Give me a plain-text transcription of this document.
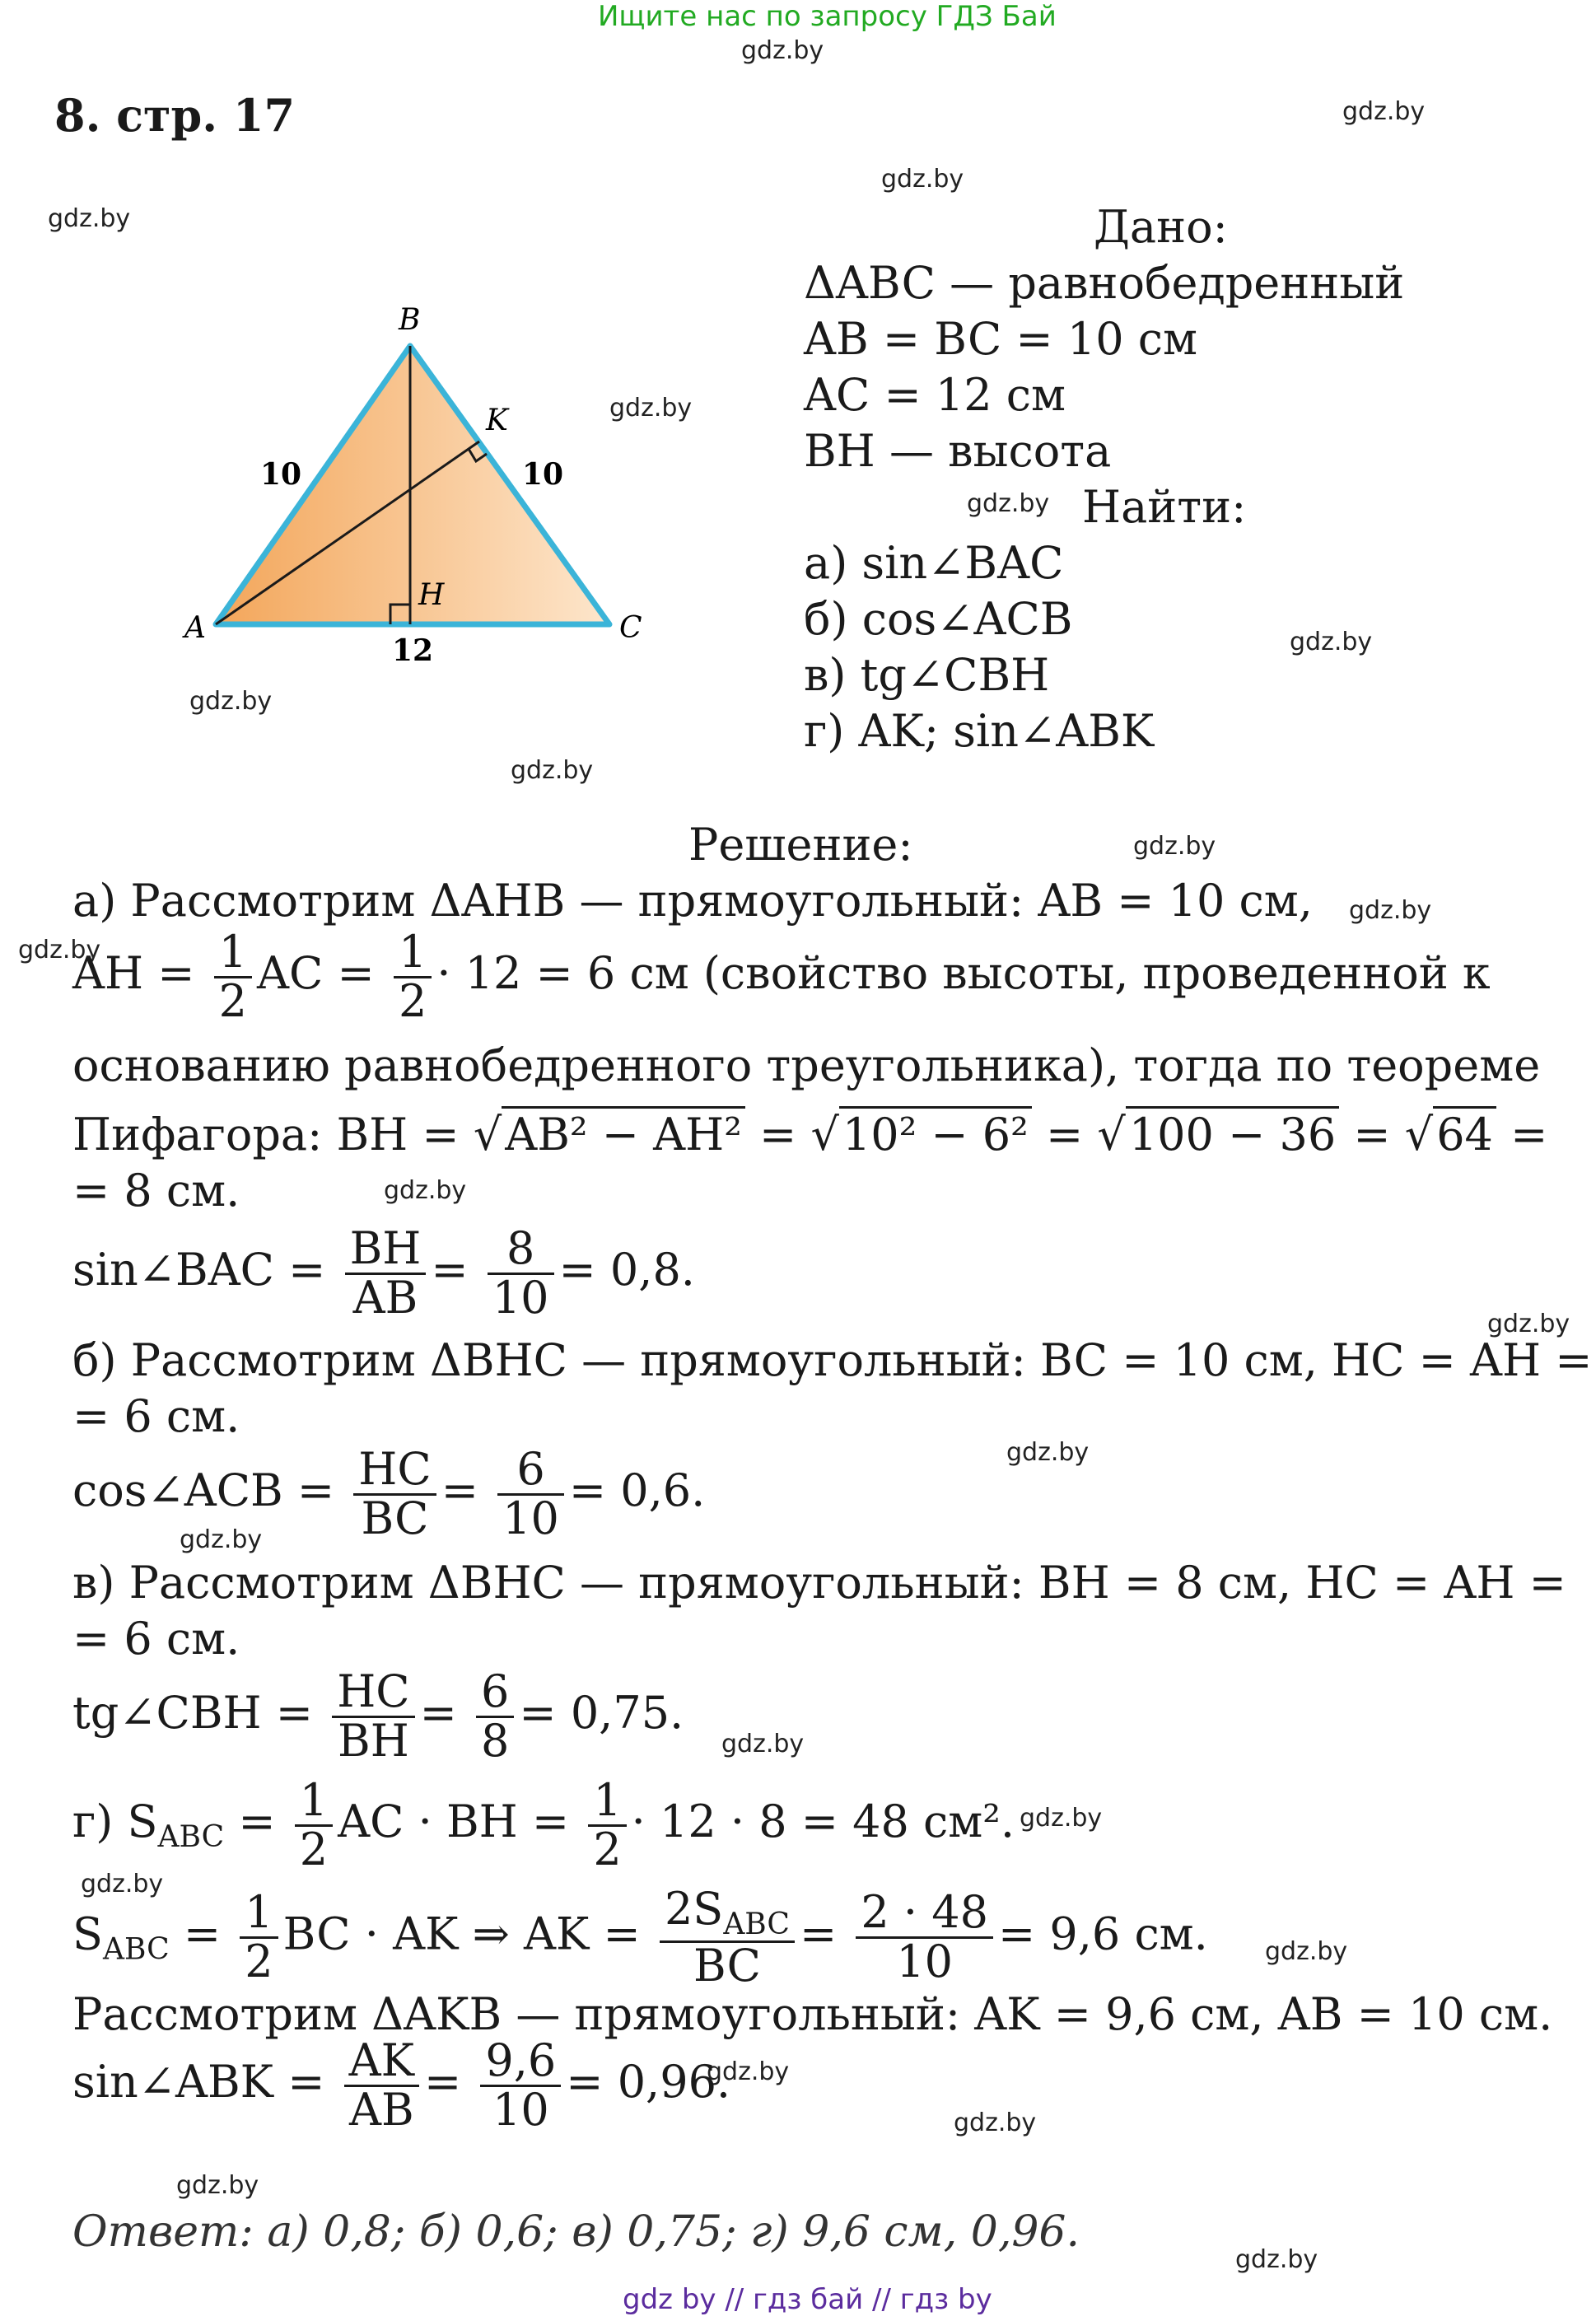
Ищите нас по запросу ГДЗ Бай
gdz.by
8. стр. 17	gdz.by
gdz.by
gdz.by
gdz.by
gdz.by
gdz.by
gdz.by
gdz.by
gdz.by
gdz.by
gdz.by
gdz.by
gdz.by
gdz.by
gdz.by
gdz.by
gdz.by
gdz.by
gdz.by
gdz.by
gdz.by
gdz.by
gdz.by
B
A	C
H
K
10	10
12
Дано:
ΔABC — равнобедренный
AB = BC = 10 см
AC = 12 см
BH — высота
Найти:
а) sin∠BAC
б) cos∠ACB
в) tg∠CBH
г) AK; sin∠ABK
Решение:
а) Рассмотрим ΔAHB — прямоугольный: AB = 10 см,
AH = $\frac{1}{2}$ AC = $\frac{1}{2} \cdot 12 = 6$ см (свойство высоты, проведенной к
основанию равнобедренного треугольника), тогда по теореме
Пифагора: BH = √AB² − AH² = √10² − 6² = √100 − 36 = √64 =
= 8 см.
sin∠BAC = $\frac{BH}{AB} = \frac{8}{10} = 0,8$.
б) Рассмотрим ΔBHC — прямоугольный: BC = 10 см, HC = AH =
= 6 см.
cos∠ACB = $\frac{HC}{BC} = \frac{6}{10} = 0,6$.
в) Рассмотрим ΔBHC — прямоугольный: BH = 8 см, HC = AH =
= 6 см.
tg∠CBH = $\frac{HC}{BH} = \frac{6}{8} = 0,75$.
г) $S_{ABC} = \frac{1}{2}$ AC · BH = $\frac{1}{2} \cdot 12 \cdot 8 = 48$ см².
$S_{ABC} = \frac{1}{2}$ BC · AK ⇒ AK = $\frac{2S_{ABC}}{BC} = \frac{2 \cdot 48}{10} = 9,6$ см.
Рассмотрим ΔAKB — прямоугольный: AK = 9,6 см, AB = 10 см.
sin∠ABK = $\frac{AK}{AB} = \frac{9,6}{10} = 0,96$.
Ответ: а) 0,8; б) 0,6; в) 0,75; г) 9,6 см, 0,96.
gdz by // гдз бай // гдз by
